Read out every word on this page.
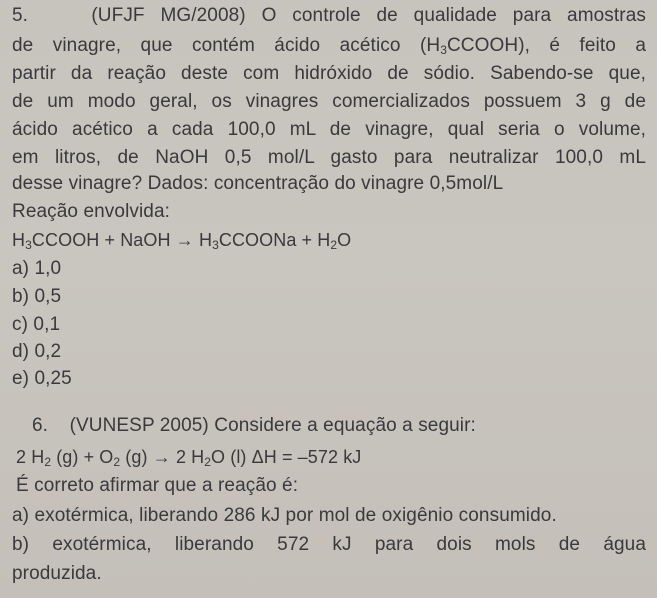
5.	(UFJF MG/2008) O controle de qualidade para amostras
de vinagre, que contém ácido acético $(H_3CCOOH)$, é feito a
partir da reação deste com hidróxido de sódio. Sabendo-se que,
de um modo geral, os vinagres comercializados possuem 3 g de
ácido acético a cada 100,0 mL de vinagre, qual seria o volume,
em litros, de NaOH 0,5 mol/L gasto para neutralizar 100,0 mL
desse vinagre? Dados: concentração do vinagre 0,5mol/L
Reação envolvida:
$H_3CCOOH$ + NaOH → $H_3CCOONa + H_2O$
a) 1,0
b) 0,5
c) 0,1
d) 0,2
e) 0,25
6. (VUNESP 2005) Considere a equação a seguir:
2 $H_2$ $(g) + O_2$ (g) → 2 $H_2O$ (l) ΔH = –572 kJ
É correto afirmar que a reação é:
a) exotérmica, liberando 286 kJ por mol de oxigênio consumido.
b) exotérmica, liberando 572 kJ para dois mols de água
produzida.
